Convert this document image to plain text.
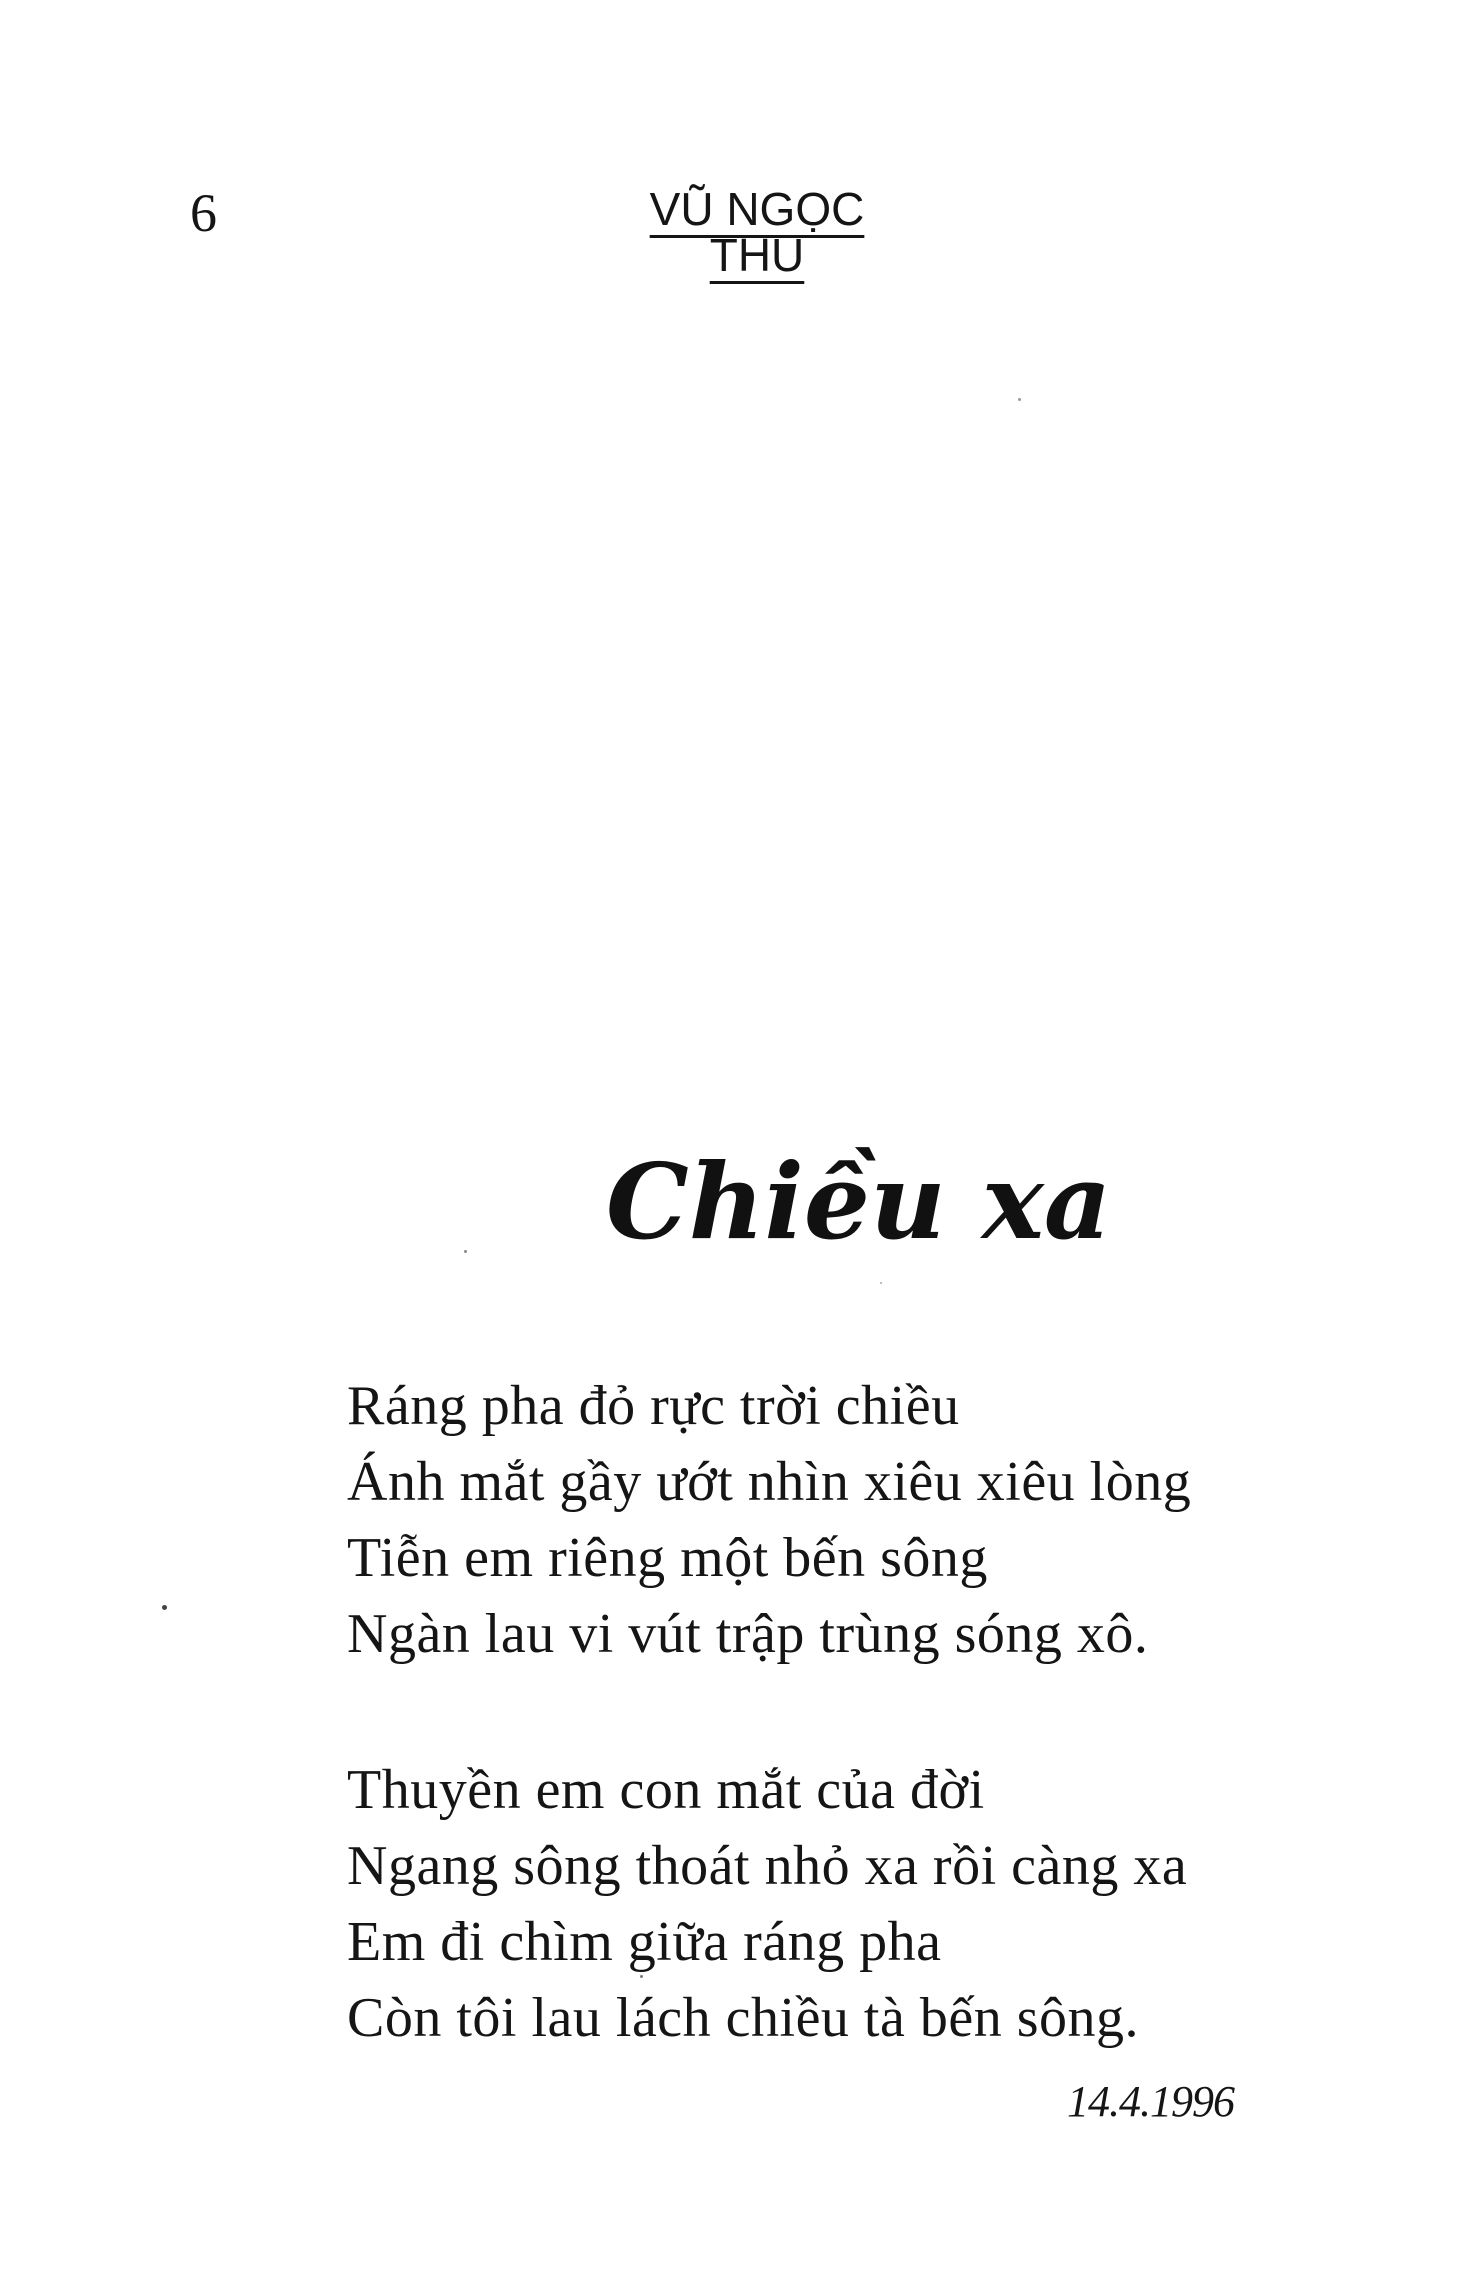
6	VŨ NGỌC THU
Chiều xa
Ráng pha đỏ rực trời chiều
Ánh mắt gầy ướt nhìn xiêu xiêu lòng
Tiễn em riêng một bến sông
Ngàn lau vi vút trập trùng sóng xô.
Thuyền em con mắt của đời
Ngang sông thoát nhỏ xa rồi càng xa
Em đi chìm giữa ráng pha
Còn tôi lau lách chiều tà bến sông.
14.4.1996
